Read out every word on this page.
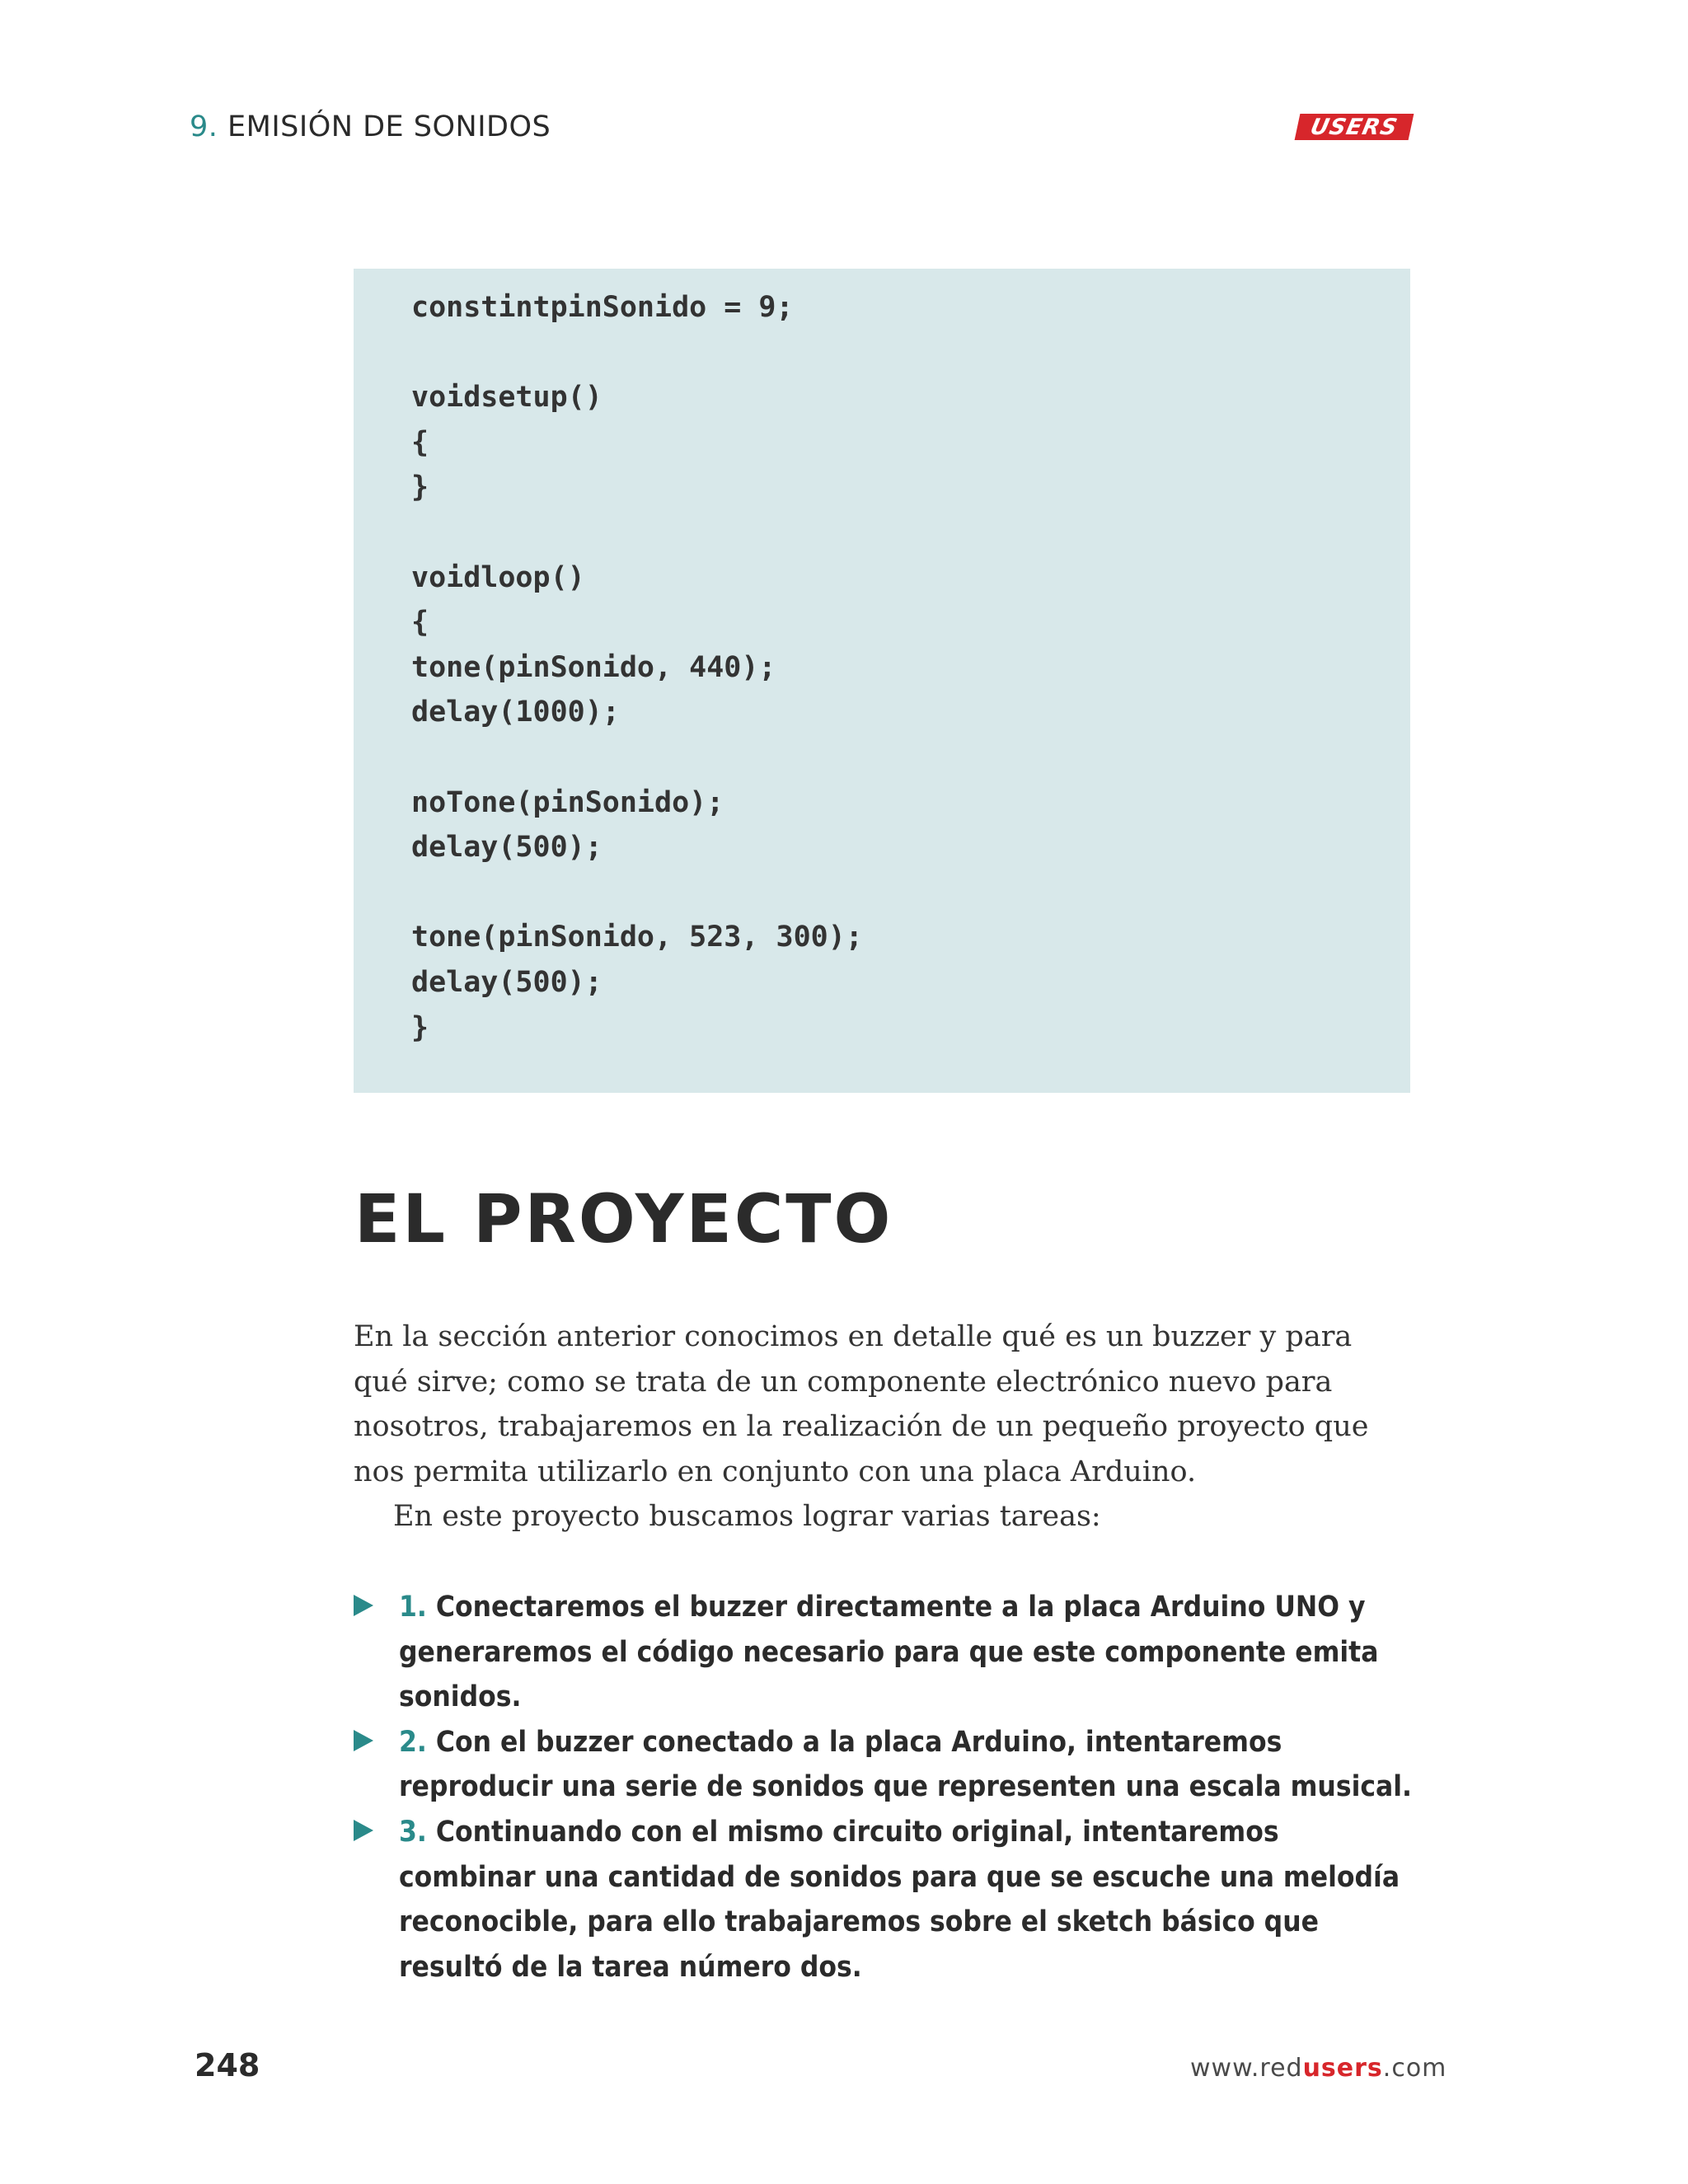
9. EMISIÓN DE SONIDOS	USERS
constintpinSonido = 9;
voidsetup()
{
}
voidloop()
{
tone(pinSonido, 440);
delay(1000);
noTone(pinSonido);
delay(500);
tone(pinSonido, 523, 300);
delay(500);
}
EL PROYECTO

En la sección anterior conocimos en detalle qué es un buzzer y para

qué sirve; como se trata de un componente electrónico nuevo para

nosotros, trabajaremos en la realización de un pequeño proyecto que

nos permita utilizarlo en conjunto con una placa Arduino.

En este proyecto buscamos lograr varias tareas:

1. Conectaremos el buzzer directamente a la placa Arduino UNO y
generaremos el código necesario para que este componente emita
sonidos.
2. Con el buzzer conectado a la placa Arduino, intentaremos
reproducir una serie de sonidos que representen una escala musical.
3. Continuando con el mismo circuito original, intentaremos
combinar una cantidad de sonidos para que se escuche una melodía
reconocible, para ello trabajaremos sobre el sketch básico que
resultó de la tarea número dos.
248	www.redusers.com
